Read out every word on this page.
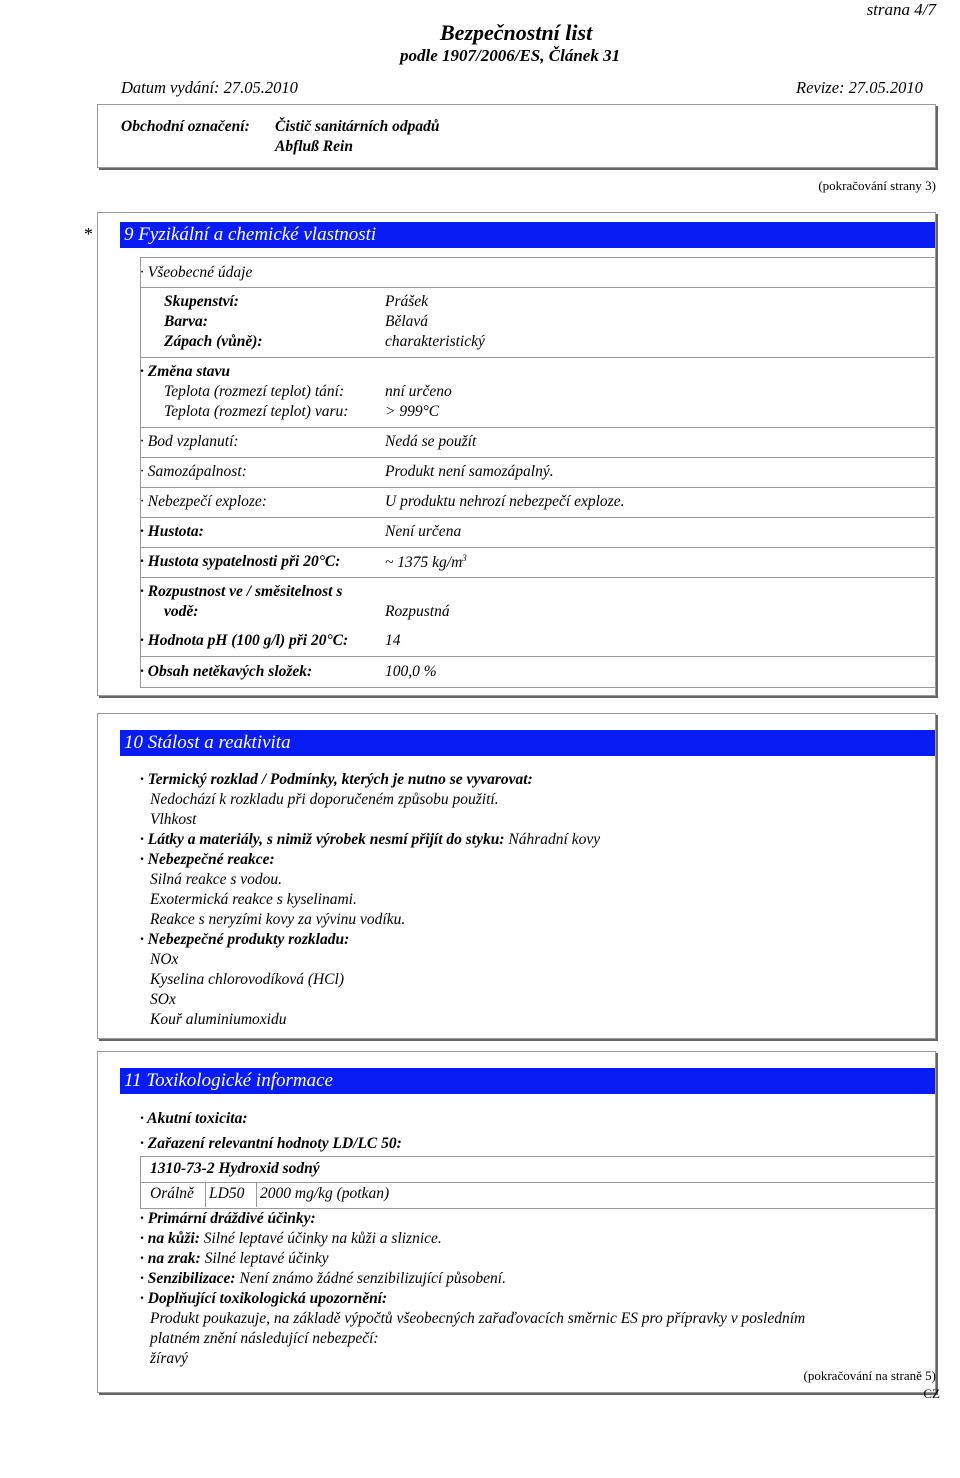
strana 4/7
Bezpečnostní list
podle 1907/2006/ES, Článek 31
Datum vydání: 27.05.2010	Revize: 27.05.2010
Obchodní označení: Čistič sanitárních odpadů
Abfluß Rein
(pokračování strany 3)
* 9 Fyzikální a chemické vlastnosti
· Všeobecné údaje
Skupenství:	Prášek
Barva:	Bělavá
Zápach (vůně):	charakteristický
· Změna stavu
Teplota (rozmezí teplot) tání:	nní určeno
Teplota (rozmezí teplot) varu: > 999°C
· Bod vzplanutí:	Nedá se použít
· Samozápalnost:	Produkt není samozápalný.
· Nebezpečí exploze:	U produktu nehrozí nebezpečí exploze.
· Hustota:	Není určena
· Hustota sypatelnosti při 20°C:	~ 1375 $kg/m^3$
· Rozpustnost ve / směsitelnost s
vodě:	Rozpustná
· Hodnota pH (100 g/l) při 20°C: 14
· Obsah netěkavých složek:	100,0 %
10 Stálost a reaktivita
· Termický rozklad / Podmínky, kterých je nutno se vyvarovat:
Nedochází k rozkladu při doporučeném způsobu použití.
Vlhkost
· Látky a materiály, s nimiž výrobek nesmí přijít do styku: Náhradní kovy
· Nebezpečné reakce:
Silná reakce s vodou.
Exotermická reakce s kyselinami.
Reakce s neryzími kovy za vývinu vodíku.
· Nebezpečné produkty rozkladu:
NOx
Kyselina chlorovodíková (HCl)
SOx
Kouř aluminiumoxidu
11 Toxikologické informace
· Akutní toxicita:
· Zařazení relevantní hodnoty LD/LC 50:
1310-73-2 Hydroxid sodný
Orálně LD50 2000 mg/kg (potkan)
· Primární dráždivé účinky:
· na kůži: Silné leptavé účinky na kůži a sliznice.
· na zrak: Silné leptavé účinky
· Senzibilizace: Není známo žádné senzibilizující působení.
· Doplňující toxikologická upozornění:
Produkt poukazuje, na základě výpočtů všeobecných zařaďovacích směrnic ES pro přípravky v posledním
platném znění následující nebezpečí:
žíravý
(pokračování na straně 5)
CZ
